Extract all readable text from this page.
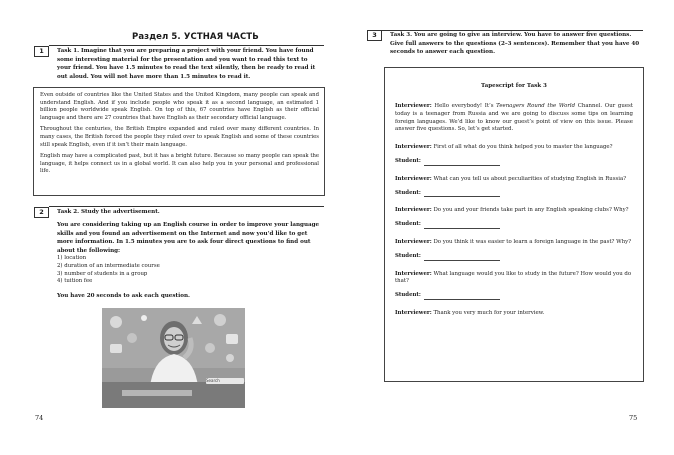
Раздел 5. УСТНАЯ ЧАСТЬ
1	Task 1. Imagine that you are preparing a project with your friend. You have found some interesting material for the presentation and you want to read this text to your friend. You have 1.5 minutes to read the text silently, then be ready to read it out aloud. You will not have more than 1.5 minutes to read it.
Even outside of countries like the United States and the United Kingdom, many people can speak and understand English. And if you include people who speak it as a second language, an estimated 1 billion people worldwide speak English. On top of this, 67 countries have English as their official language and there are 27 countries that have English as their secondary official language.
Throughout the centuries, the British Empire expanded and ruled over many different countries. In many cases, the British forced the people they ruled over to speak English and some of these countries still speak English, even if it isn’t their main language.
English may have a complicated past, but it has a bright future. Because so many people can speak the language, it helps connect us in a global world. It can also help you in your personal and professional life.
2	Task 2. Study the advertisement.
You are considering taking up an English course in order to improve your language skills and you found an advertisement on the Internet and now you’d like to get more information. In 1.5 minutes you are to ask four direct questions to find out about the following:
1) location
2) duration of an intermediate course
3) number of students in a group
4) tuition fee
You have 20 seconds to ask each question.
Search
74
3	Task 3. You are going to give an interview. You have to answer five questions. Give full answers to the questions (2–3 sentences). Remember that you have 40 seconds to answer each question.
Tapescript for Task 3
Interviewer: Hello everybody! It’s Teenagers Round the World Channel. Our guest today is a teenager from Russia and we are going to discuss some tips on learning foreign languages. We’d like to know our guest’s point of view on this issue. Please answer five questions. So, let’s get started.
Interviewer: First of all what do you think helped you to master the language?
Student:
Interviewer: What can you tell us about peculiarities of studying English in Russia?
Student:
Interviewer: Do you and your friends take part in any English speaking clubs? Why?
Student:
Interviewer: Do you think it was easier to learn a foreign language in the past? Why?
Student:
Interviewer: What language would you like to study in the future? How would you do that?
Student:
Interviewer: Thank you very much for your interview.
75
